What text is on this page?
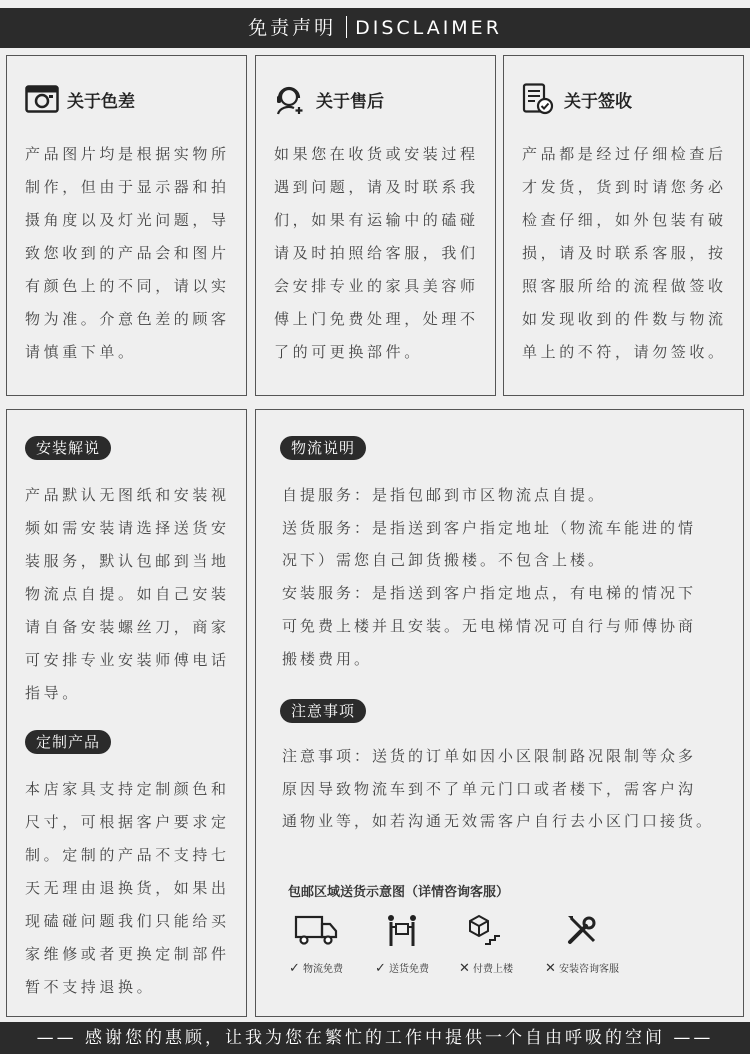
免责声明 DISCLAIMER
关于色差
产品图片均是根据实物所
制作，但由于显示器和拍
摄角度以及灯光问题，导
致您收到的产品会和图片
有颜色上的不同，请以实
物为准。介意色差的顾客
请慎重下单。
关于售后
如果您在收货或安装过程
遇到问题，请及时联系我
们，如果有运输中的磕碰
请及时拍照给客服，我们
会安排专业的家具美容师
傅上门免费处理，处理不
了的可更换部件。
关于签收
产品都是经过仔细检查后
才发货，货到时请您务必
检查仔细，如外包装有破
损，请及时联系客服，按
照客服所给的流程做签收
如发现收到的件数与物流
单上的不符，请勿签收。
安装解说
产品默认无图纸和安装视
频如需安装请选择送货安
装服务，默认包邮到当地
物流点自提。如自己安装
请自备安装螺丝刀，商家
可安排专业安装师傅电话
指导。
定制产品
本店家具支持定制颜色和
尺寸，可根据客户要求定
制。定制的产品不支持七
天无理由退换货，如果出
现磕碰问题我们只能给买
家维修或者更换定制部件
暂不支持退换。
物流说明
自提服务：是指包邮到市区物流点自提。
送货服务：是指送到客户指定地址（物流车能进的情
况下）需您自己卸货搬楼。不包含上楼。
安装服务：是指送到客户指定地点，有电梯的情况下
可免费上楼并且安装。无电梯情况可自行与师傅协商
搬楼费用。
注意事项
注意事项：送货的订单如因小区限制路况限制等众多
原因导致物流车到不了单元门口或者楼下，需客户沟
通物业等，如若沟通无效需客户自行去小区门口接货。
包邮区域送货示意图（详情咨询客服）
✓ 物流免费	✓ 送货免费	✕ 付费上楼	✕ 安装咨询客服
—— 感谢您的惠顾，让我为您在繁忙的工作中提供一个自由呼吸的空间 ——
